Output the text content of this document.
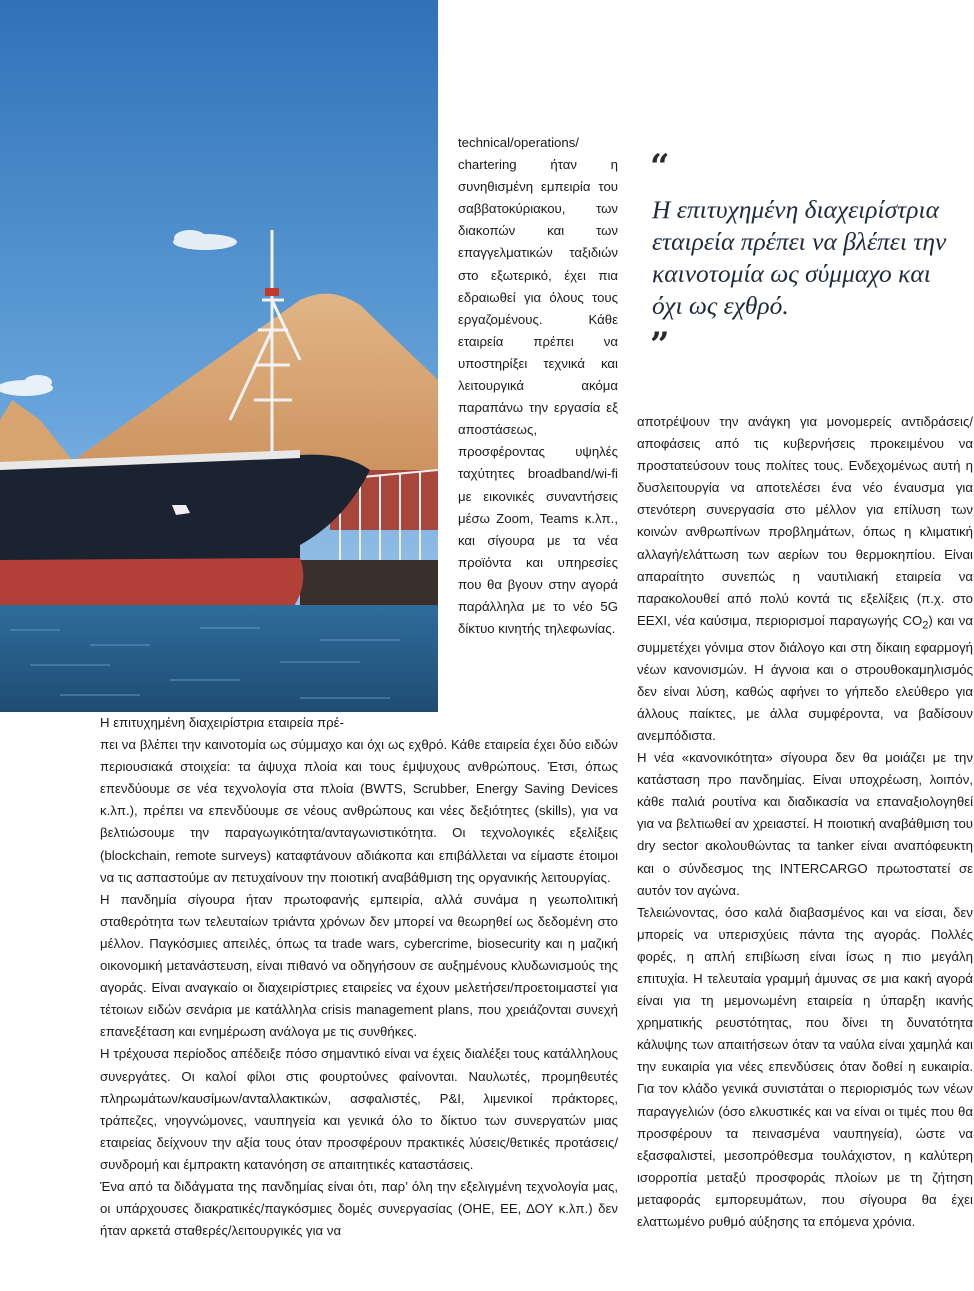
technical/operations/ chartering ήταν η συνηθισμένη εμπειρία του σαββατοκύριακου, των διακοπών και των επαγγελματικών ταξιδιών στο εξωτερικό, έχει πια εδραιωθεί για όλους τους εργαζομένους. Κάθε εταιρεία πρέπει να υποστηρίξει τεχνικά και λειτουργικά ακόμα παραπάνω την εργασία εξ αποστάσεως, προσφέροντας υψηλές ταχύτητες broadband/wi-fi με εικονικές συναντήσεις μέσω Zoom, Teams κ.λπ., και σίγουρα με τα νέα προϊόντα και υπηρεσίες που θα βγουν στην αγορά παράλληλα με το νέο 5G δίκτυο κινητής τηλεφωνίας.

Η επιτυχημένη διαχειρίστρια εταιρεία πρέ-

πει να βλέπει την καινοτομία ως σύμμαχο και όχι ως εχθρό. Κάθε εταιρεία έχει δύο ειδών περιουσιακά στοιχεία: τα άψυχα πλοία και τους έμψυχους ανθρώπους. Έτσι, όπως επενδύουμε σε νέα τεχνολογία στα πλοία (BWTS, Scrubber, Energy Saving Devices κ.λπ.), πρέπει να επενδύουμε σε νέους ανθρώπους και νέες δεξιότητες (skills), για να βελτιώσουμε την παραγωγικότητα/ανταγωνιστικότητα. Οι τεχνολογικές εξελίξεις (blockchain, remote surveys) καταφτάνουν αδιάκοπα και επιβάλλεται να είμαστε έτοιμοι να τις ασπαστούμε αν πετυχαίνουν την ποιοτική αναβάθμιση της οργανικής λειτουργίας.

Η πανδημία σίγουρα ήταν πρωτοφανής εμπειρία, αλλά συνάμα η γεωπολιτική σταθερότητα των τελευταίων τριάντα χρόνων δεν μπορεί να θεωρηθεί ως δεδομένη στο μέλλον. Παγκόσμιες απειλές, όπως τα trade wars, cybercrime, biosecurity και η μαζική οικονομική μετανάστευση, είναι πιθανό να οδηγήσουν σε αυξημένους κλυδωνισμούς της αγοράς. Είναι αναγκαίο οι διαχειρίστριες εταιρείες να έχουν μελετήσει/προετοιμαστεί για τέτοιων ειδών σενάρια με κατάλληλα crisis management plans, που χρειάζονται συνεχή επανεξέταση και ενημέρωση ανάλογα με τις συνθήκες.

Η τρέχουσα περίοδος απέδειξε πόσο σημαντικό είναι να έχεις διαλέξει τους κατάλληλους συνεργάτες. Οι καλοί φίλοι στις φουρτούνες φαίνονται. Ναυλωτές, προμηθευτές πληρωμάτων/καυσίμων/ανταλλακτικών, ασφαλιστές, P&I, λιμενικοί πράκτορες, τράπεζες, νηογνώμονες, ναυπηγεία και γενικά όλο το δίκτυο των συνεργατών μιας εταιρείας δείχνουν την αξία τους όταν προσφέρουν πρακτικές λύσεις/θετικές προτάσεις/συνδρομή και έμπρακτη κατανόηση σε απαιτητικές καταστάσεις.

Ένα από τα διδάγματα της πανδημίας είναι ότι, παρ’ όλη την εξελιγμένη τεχνολογία μας, οι υπάρχουσες διακρατικές/παγκόσμιες δομές συνεργασίας (ΟΗΕ, ΕΕ, ΔΟΥ κ.λπ.) δεν ήταν αρκετά σταθερές/λειτουργικές για να

“
Η επιτυχημένη διαχειρίστρια εταιρεία πρέπει να βλέπει την καινοτομία ως σύμμαχο και όχι ως εχθρό.
”

αποτρέψουν την ανάγκη για μονομερείς αντιδράσεις/αποφάσεις από τις κυβερνήσεις προκειμένου να προστατεύσουν τους πολίτες τους. Ενδεχομένως αυτή η δυσλειτουργία να αποτελέσει ένα νέο έναυσμα για στενότερη συνεργασία στο μέλλον για επίλυση των κοινών ανθρωπίνων προβλημάτων, όπως η κλιματική αλλαγή/ελάττωση των αερίων του θερμοκηπίου. Είναι απαραίτητο συνεπώς η ναυτιλιακή εταιρεία να παρακολουθεί από πολύ κοντά τις εξελίξεις (π.χ. στο EEXI, νέα καύσιμα, περιορισμοί παραγωγής $CO_2$) και να συμμετέχει γόνιμα στον διάλογο και στη δίκαιη εφαρμογή νέων κανονισμών. Η άγνοια και ο στρουθοκαμηλισμός δεν είναι λύση, καθώς αφήνει το γήπεδο ελεύθερο για άλλους παίκτες, με άλλα συμφέροντα, να βαδίσουν ανεμπόδιστα.

Η νέα «κανονικότητα» σίγουρα δεν θα μοιάζει με την κατάσταση προ πανδημίας. Είναι υποχρέωση, λοιπόν, κάθε παλιά ρουτίνα και διαδικασία να επαναξιολογηθεί για να βελτιωθεί αν χρειαστεί. Η ποιοτική αναβάθμιση του dry sector ακολουθώντας τα tanker είναι αναπόφευκτη και ο σύνδεσμος της INTERCARGO πρωτοστατεί σε αυτόν τον αγώνα.

Τελειώνοντας, όσο καλά διαβασμένος και να είσαι, δεν μπορείς να υπερισχύεις πάντα της αγοράς. Πολλές φορές, η απλή επιβίωση είναι ίσως η πιο μεγάλη επιτυχία. Η τελευταία γραμμή άμυνας σε μια κακή αγορά είναι για τη μεμονωμένη εταιρεία η ύπαρξη ικανής χρηματικής ρευστότητας, που δίνει τη δυνατότητα κάλυψης των απαιτήσεων όταν τα ναύλα είναι χαμηλά και την ευκαιρία για νέες επενδύσεις όταν δοθεί η ευκαιρία. Για τον κλάδο γενικά συνιστάται ο περιορισμός των νέων παραγγελιών (όσο ελκυστικές και να είναι οι τιμές που θα προσφέρουν τα πεινασμένα ναυπηγεία), ώστε να εξασφαλιστεί, μεσοπρόθεσμα τουλάχιστον, η καλύτερη ισορροπία μεταξύ προσφοράς πλοίων με τη ζήτηση μεταφοράς εμπορευμάτων, που σίγουρα θα έχει ελαττωμένο ρυθμό αύξησης τα επόμενα χρόνια.
